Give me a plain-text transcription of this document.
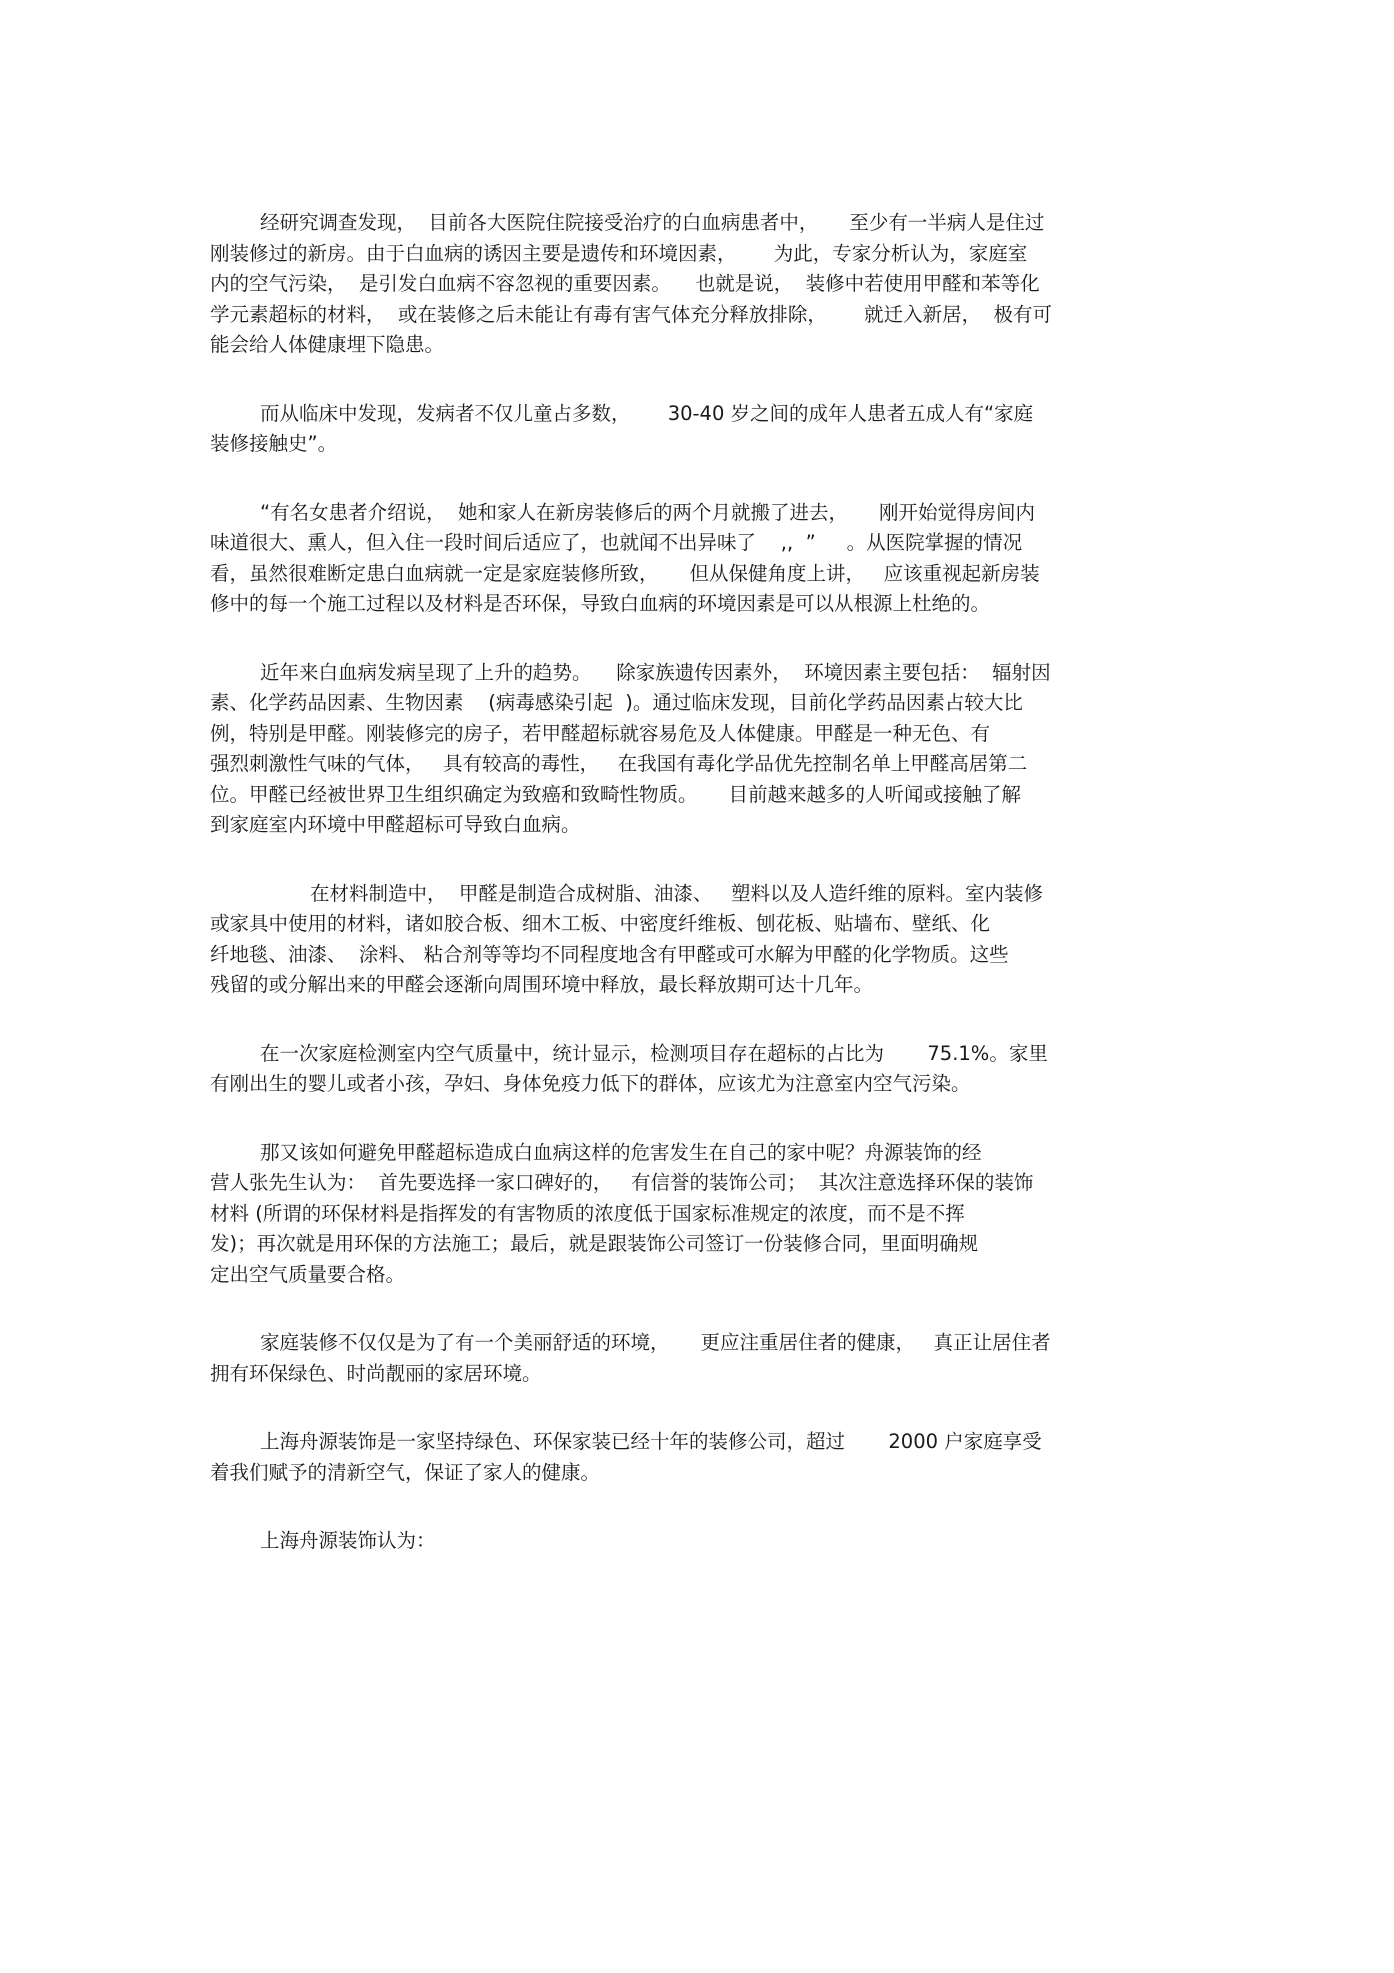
经研究调查发现，  目前各大医院住院接受治疗的白血病患者中，     至少有一半病人是住过
刚装修过的新房。由于白血病的诱因主要是遗传和环境因素，      为此，专家分析认为，家庭室
内的空气污染，  是引发白血病不容忽视的重要因素。    也就是说，  装修中若使用甲醛和苯等化
学元素超标的材料，  或在装修之后未能让有毒有害气体充分释放排除，      就迁入新居，  极有可
能会给人体健康埋下隐患。
而从临床中发现，发病者不仅儿童占多数，      30-40 岁之间的成年人患者五成人有“家庭
装修接触史”。
“有名女患者介绍说，  她和家人在新房装修后的两个月就搬了进去，     刚开始觉得房间内
味道很大、熏人，但入住一段时间后适应了，也就闻不出异味了    ,,  ”     。从医院掌握的情况
看，虽然很难断定患白血病就一定是家庭装修所致，     但从保健角度上讲，   应该重视起新房装
修中的每一个施工过程以及材料是否环保，导致白血病的环境因素是可以从根源上杜绝的。
近年来白血病发病呈现了上升的趋势。    除家族遗传因素外，  环境因素主要包括：  辐射因
素、化学药品因素、生物因素    (病毒感染引起  )。通过临床发现，目前化学药品因素占较大比
例，特别是甲醛。刚装修完的房子，若甲醛超标就容易危及人体健康。甲醛是一种无色、有
强烈刺激性气味的气体，   具有较高的毒性，   在我国有毒化学品优先控制名单上甲醛高居第二
位。甲醛已经被世界卫生组织确定为致癌和致畸性物质。     目前越来越多的人听闻或接触了解
到家庭室内环境中甲醛超标可导致白血病。
在材料制造中，  甲醛是制造合成树脂、油漆、   塑料以及人造纤维的原料。室内装修
或家具中使用的材料，诸如胶合板、细木工板、中密度纤维板、刨花板、贴墙布、壁纸、化
纤地毯、油漆、  涂料、 粘合剂等等均不同程度地含有甲醛或可水解为甲醛的化学物质。这些
残留的或分解出来的甲醛会逐渐向周围环境中释放，最长释放期可达十几年。
在一次家庭检测室内空气质量中，统计显示，检测项目存在超标的占比为       75.1%。家里
有刚出生的婴儿或者小孩，孕妇、身体免疫力低下的群体，应该尤为注意室内空气污染。
那又该如何避免甲醛超标造成白血病这样的危害发生在自己的家中呢？舟源装饰的经
营人张先生认为：  首先要选择一家口碑好的，   有信誉的装饰公司；  其次注意选择环保的装饰
材料 (所谓的环保材料是指挥发的有害物质的浓度低于国家标准规定的浓度，而不是不挥
发)；再次就是用环保的方法施工；最后，就是跟装饰公司签订一份装修合同，里面明确规
定出空气质量要合格。
家庭装修不仅仅是为了有一个美丽舒适的环境，     更应注重居住者的健康，   真正让居住者
拥有环保绿色、时尚靓丽的家居环境。
上海舟源装饰是一家坚持绿色、环保家装已经十年的装修公司，超过       2000 户家庭享受
着我们赋予的清新空气，保证了家人的健康。
上海舟源装饰认为：
